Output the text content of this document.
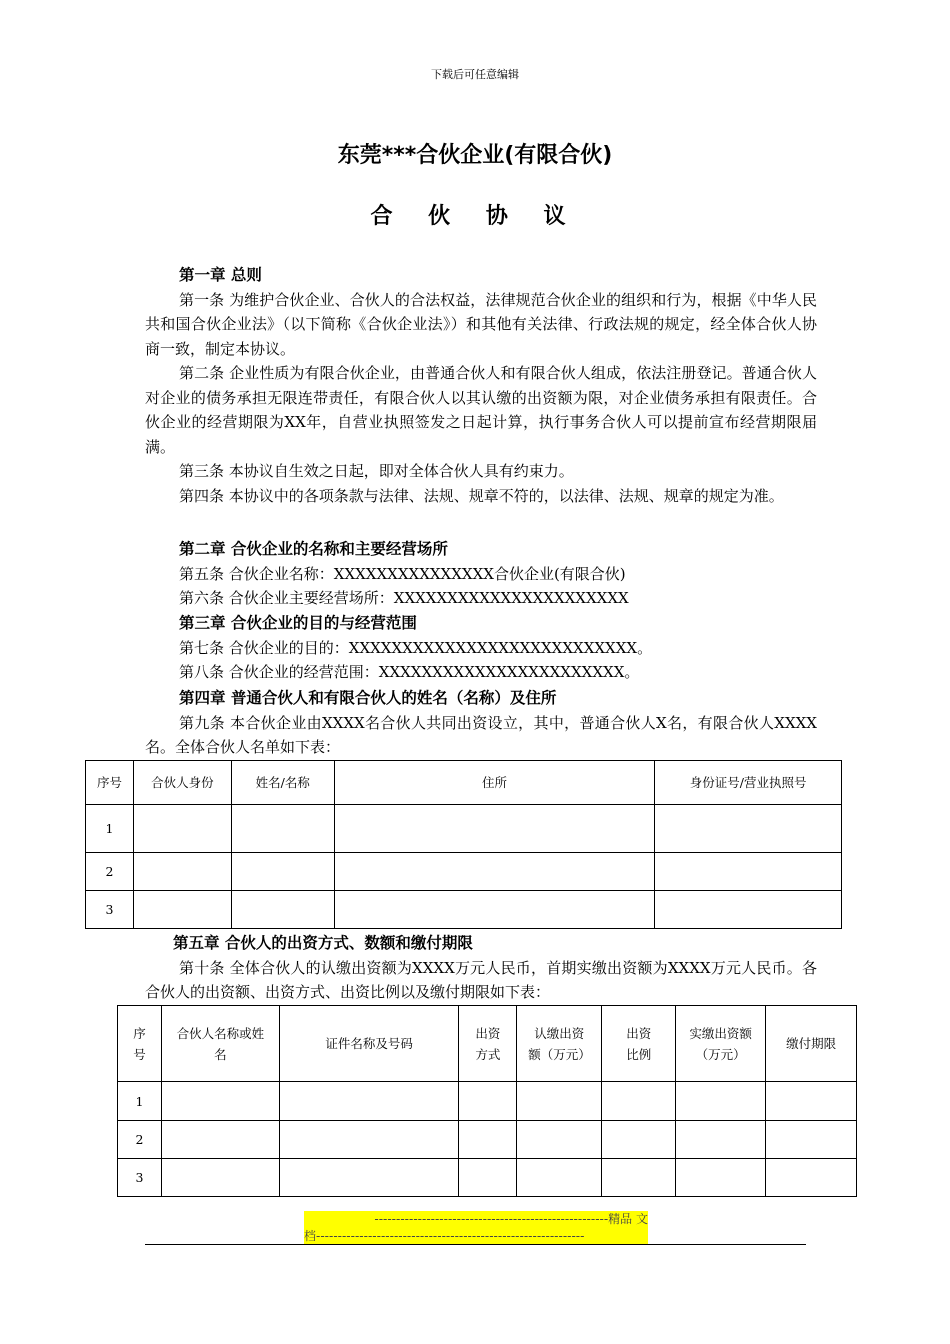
下载后可任意编辑
东莞***合伙企业(有限合伙)
合 伙 协 议
第一章 总则
第一条 为维护合伙企业、合伙人的合法权益，法律规范合伙企业的组织和行为，根据《中华人民共和国合伙企业法》（以下简称《合伙企业法》）和其他有关法律、行政法规的规定，经全体合伙人协商一致，制定本协议。
第二条 企业性质为有限合伙企业，由普通合伙人和有限合伙人组成，依法注册登记。普通合伙人对企业的债务承担无限连带责任，有限合伙人以其认缴的出资额为限，对企业债务承担有限责任。合伙企业的经营期限为XX年，自营业执照签发之日起计算，执行事务合伙人可以提前宣布经营期限届满。
第三条 本协议自生效之日起，即对全体合伙人具有约束力。
第四条 本协议中的各项条款与法律、法规、规章不符的，以法律、法规、规章的规定为准。
第二章 合伙企业的名称和主要经营场所
第五条 合伙企业名称：XXXXXXXXXXXXXXX合伙企业(有限合伙)
第六条 合伙企业主要经营场所：XXXXXXXXXXXXXXXXXXXXXX
第三章 合伙企业的目的与经营范围
第七条 合伙企业的目的：XXXXXXXXXXXXXXXXXXXXXXXXXXX。
第八条 合伙企业的经营范围：XXXXXXXXXXXXXXXXXXXXXXX。
第四章 普通合伙人和有限合伙人的姓名（名称）及住所
第九条 本合伙企业由XXXX名合伙人共同出资设立，其中，普通合伙人X名，有限合伙人XXXX名。全体合伙人名单如下表：
序号	合伙人身份	姓名/名称	住所	身份证号/营业执照号
1				
2				
3				
第五章 合伙人的出资方式、数额和缴付期限
第十条 全体合伙人的认缴出资额为XXXX万元人民币，首期实缴出资额为XXXX万元人民币。各合伙人的出资额、出资方式、出资比例以及缴付期限如下表：
序号	合伙人名称或姓名	证件名称及号码	出资方式	认缴出资额（万元）	出资比例	实缴出资额（万元）	缴付期限
1							
2							
3							
------------------------------------------------------精品 文
档--------------------------------------------------------------
